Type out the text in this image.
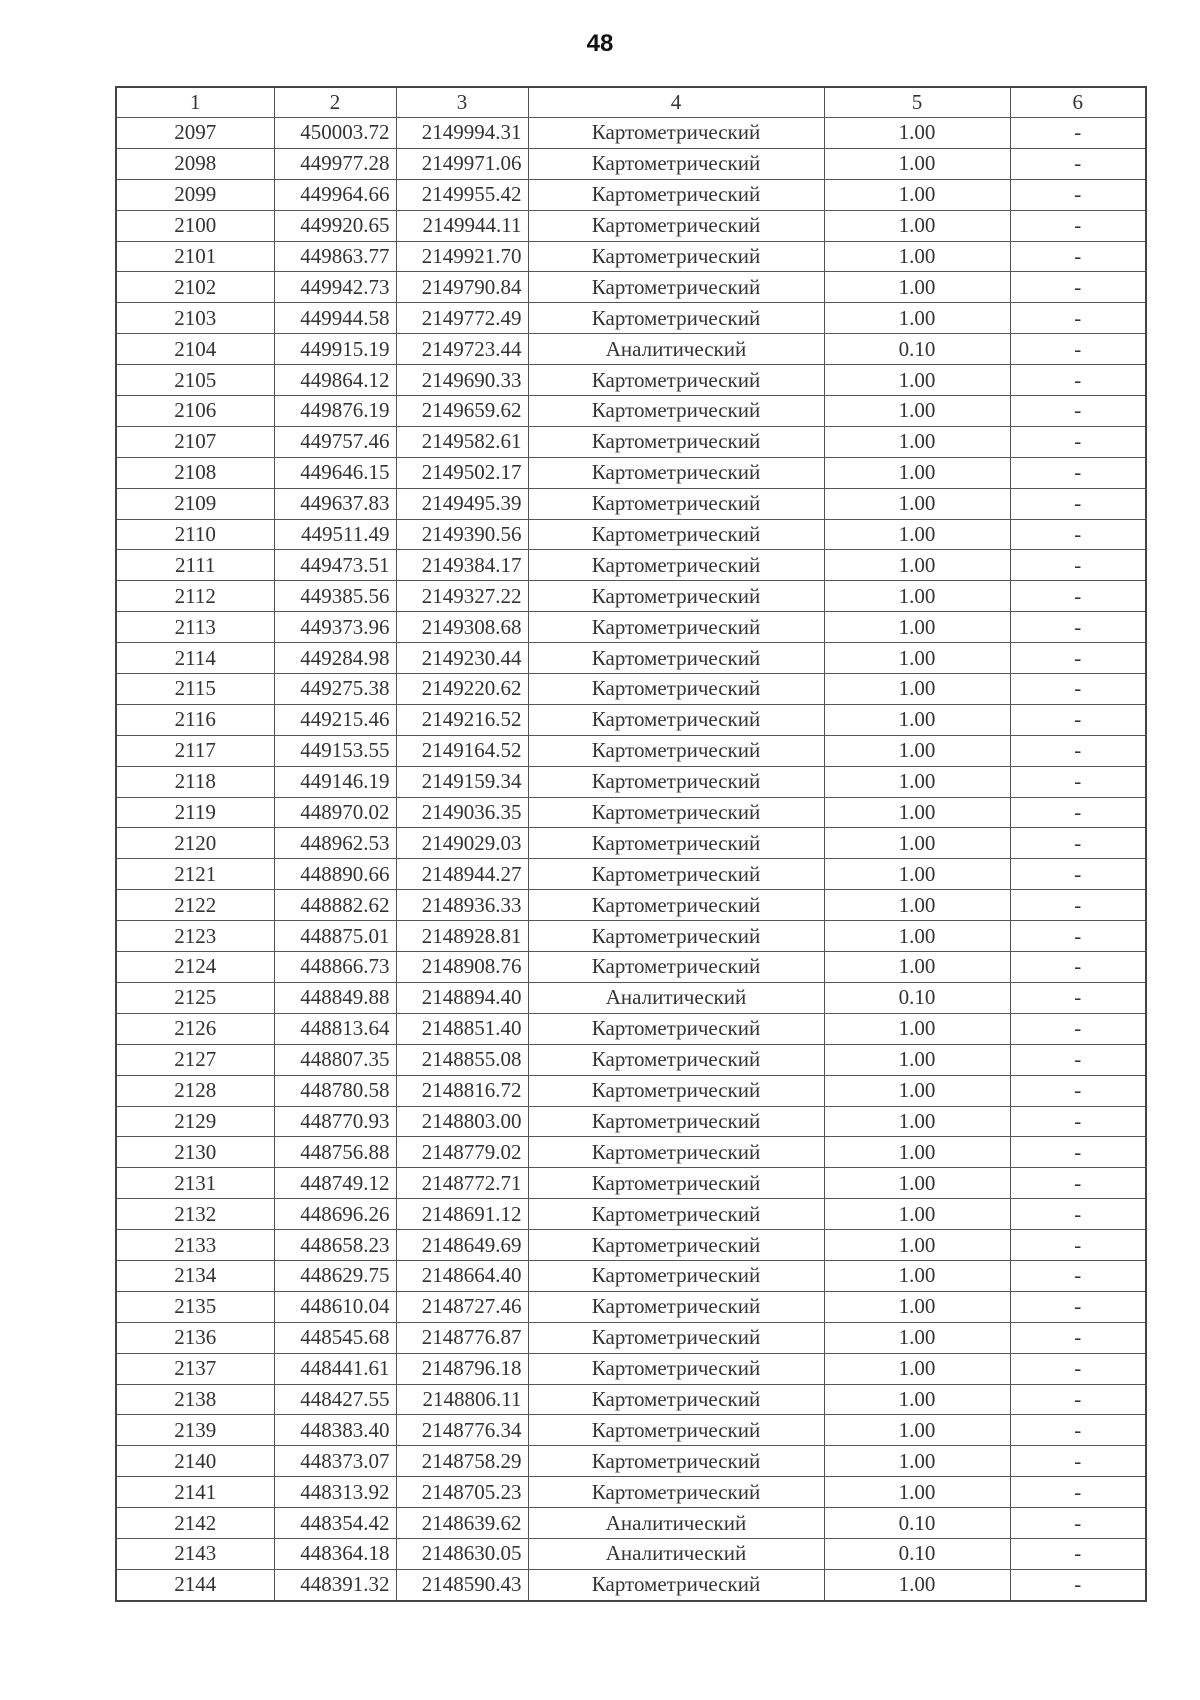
48
1	2	3	4	5	6
2097	450003.72	2149994.31	Картометрический	1.00	-
2098	449977.28	2149971.06	Картометрический	1.00	-
2099	449964.66	2149955.42	Картометрический	1.00	-
2100	449920.65	2149944.11	Картометрический	1.00	-
2101	449863.77	2149921.70	Картометрический	1.00	-
2102	449942.73	2149790.84	Картометрический	1.00	-
2103	449944.58	2149772.49	Картометрический	1.00	-
2104	449915.19	2149723.44	Аналитический	0.10	-
2105	449864.12	2149690.33	Картометрический	1.00	-
2106	449876.19	2149659.62	Картометрический	1.00	-
2107	449757.46	2149582.61	Картометрический	1.00	-
2108	449646.15	2149502.17	Картометрический	1.00	-
2109	449637.83	2149495.39	Картометрический	1.00	-
2110	449511.49	2149390.56	Картометрический	1.00	-
2111	449473.51	2149384.17	Картометрический	1.00	-
2112	449385.56	2149327.22	Картометрический	1.00	-
2113	449373.96	2149308.68	Картометрический	1.00	-
2114	449284.98	2149230.44	Картометрический	1.00	-
2115	449275.38	2149220.62	Картометрический	1.00	-
2116	449215.46	2149216.52	Картометрический	1.00	-
2117	449153.55	2149164.52	Картометрический	1.00	-
2118	449146.19	2149159.34	Картометрический	1.00	-
2119	448970.02	2149036.35	Картометрический	1.00	-
2120	448962.53	2149029.03	Картометрический	1.00	-
2121	448890.66	2148944.27	Картометрический	1.00	-
2122	448882.62	2148936.33	Картометрический	1.00	-
2123	448875.01	2148928.81	Картометрический	1.00	-
2124	448866.73	2148908.76	Картометрический	1.00	-
2125	448849.88	2148894.40	Аналитический	0.10	-
2126	448813.64	2148851.40	Картометрический	1.00	-
2127	448807.35	2148855.08	Картометрический	1.00	-
2128	448780.58	2148816.72	Картометрический	1.00	-
2129	448770.93	2148803.00	Картометрический	1.00	-
2130	448756.88	2148779.02	Картометрический	1.00	-
2131	448749.12	2148772.71	Картометрический	1.00	-
2132	448696.26	2148691.12	Картометрический	1.00	-
2133	448658.23	2148649.69	Картометрический	1.00	-
2134	448629.75	2148664.40	Картометрический	1.00	-
2135	448610.04	2148727.46	Картометрический	1.00	-
2136	448545.68	2148776.87	Картометрический	1.00	-
2137	448441.61	2148796.18	Картометрический	1.00	-
2138	448427.55	2148806.11	Картометрический	1.00	-
2139	448383.40	2148776.34	Картометрический	1.00	-
2140	448373.07	2148758.29	Картометрический	1.00	-
2141	448313.92	2148705.23	Картометрический	1.00	-
2142	448354.42	2148639.62	Аналитический	0.10	-
2143	448364.18	2148630.05	Аналитический	0.10	-
2144	448391.32	2148590.43	Картометрический	1.00	-
